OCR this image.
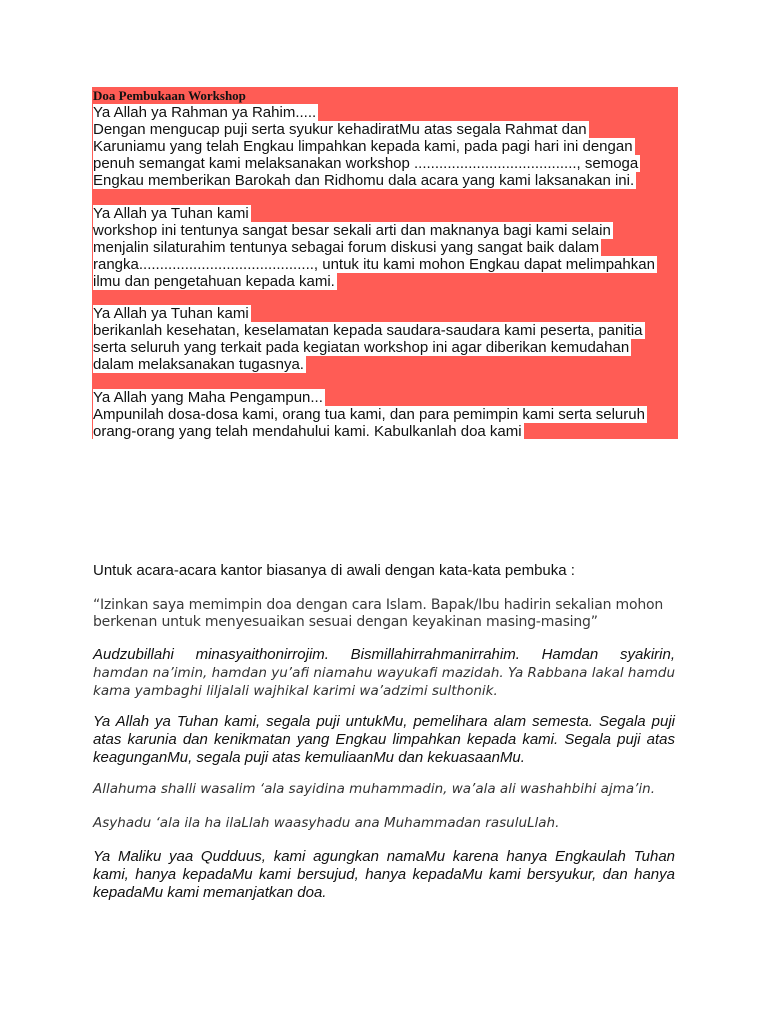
Doa Pembukaan Workshop
Ya Allah ya Rahman ya Rahim.....
Dengan mengucap puji serta syukur kehadiratMu atas segala Rahmat dan
Karuniamu yang telah Engkau limpahkan kepada kami, pada pagi hari ini dengan
penuh semangat kami melaksanakan workshop ......................................., semoga
Engkau memberikan Barokah dan Ridhomu dala acara yang kami laksanakan ini.
Ya Allah ya Tuhan kami
workshop ini tentunya sangat besar sekali arti dan maknanya bagi kami selain
menjalin silaturahim tentunya sebagai forum diskusi yang sangat baik dalam
rangka.........................................., untuk itu kami mohon Engkau dapat melimpahkan
ilmu dan pengetahuan kepada kami.
Ya Allah ya Tuhan kami
berikanlah kesehatan, keselamatan kepada saudara-saudara kami peserta, panitia
serta seluruh yang terkait pada kegiatan workshop ini agar diberikan kemudahan
dalam melaksanakan tugasnya.
Ya Allah yang Maha Pengampun...
Ampunilah dosa-dosa kami, orang tua kami, dan para pemimpin kami serta seluruh
orang-orang yang telah mendahului kami. Kabulkanlah doa kami
Untuk acara-acara kantor biasanya di awali dengan kata-kata pembuka :
“Izinkan saya memimpin doa dengan cara Islam. Bapak/Ibu hadirin sekalian mohon
berkenan untuk menyesuaikan sesuai dengan keyakinan masing-masing”
Audzubillahi minasyaithonirrojim. Bismillahirrahmanirrahim. Hamdan syakirin,
hamdan na’imin, hamdan yu’afi niamahu wayukafi mazidah. Ya Rabbana lakal hamdu
kama yambaghi liljalali wajhikal karimi wa’adzimi sulthonik.
Ya Allah ya Tuhan kami, segala puji untukMu, pemelihara alam semesta. Segala puji
atas karunia dan kenikmatan yang Engkau limpahkan kepada kami. Segala puji atas
keagunganMu, segala puji atas kemuliaanMu dan kekuasaanMu.
Allahuma shalli wasalim ‘ala sayidina muhammadin, wa’ala ali washahbihi ajma’in.
Asyhadu ‘ala ila ha ilaLlah waasyhadu ana Muhammadan rasuluLlah.
Ya Maliku yaa Qudduus, kami agungkan namaMu karena hanya Engkaulah Tuhan
kami, hanya kepadaMu kami bersujud, hanya kepadaMu kami bersyukur, dan hanya
kepadaMu kami memanjatkan doa.
